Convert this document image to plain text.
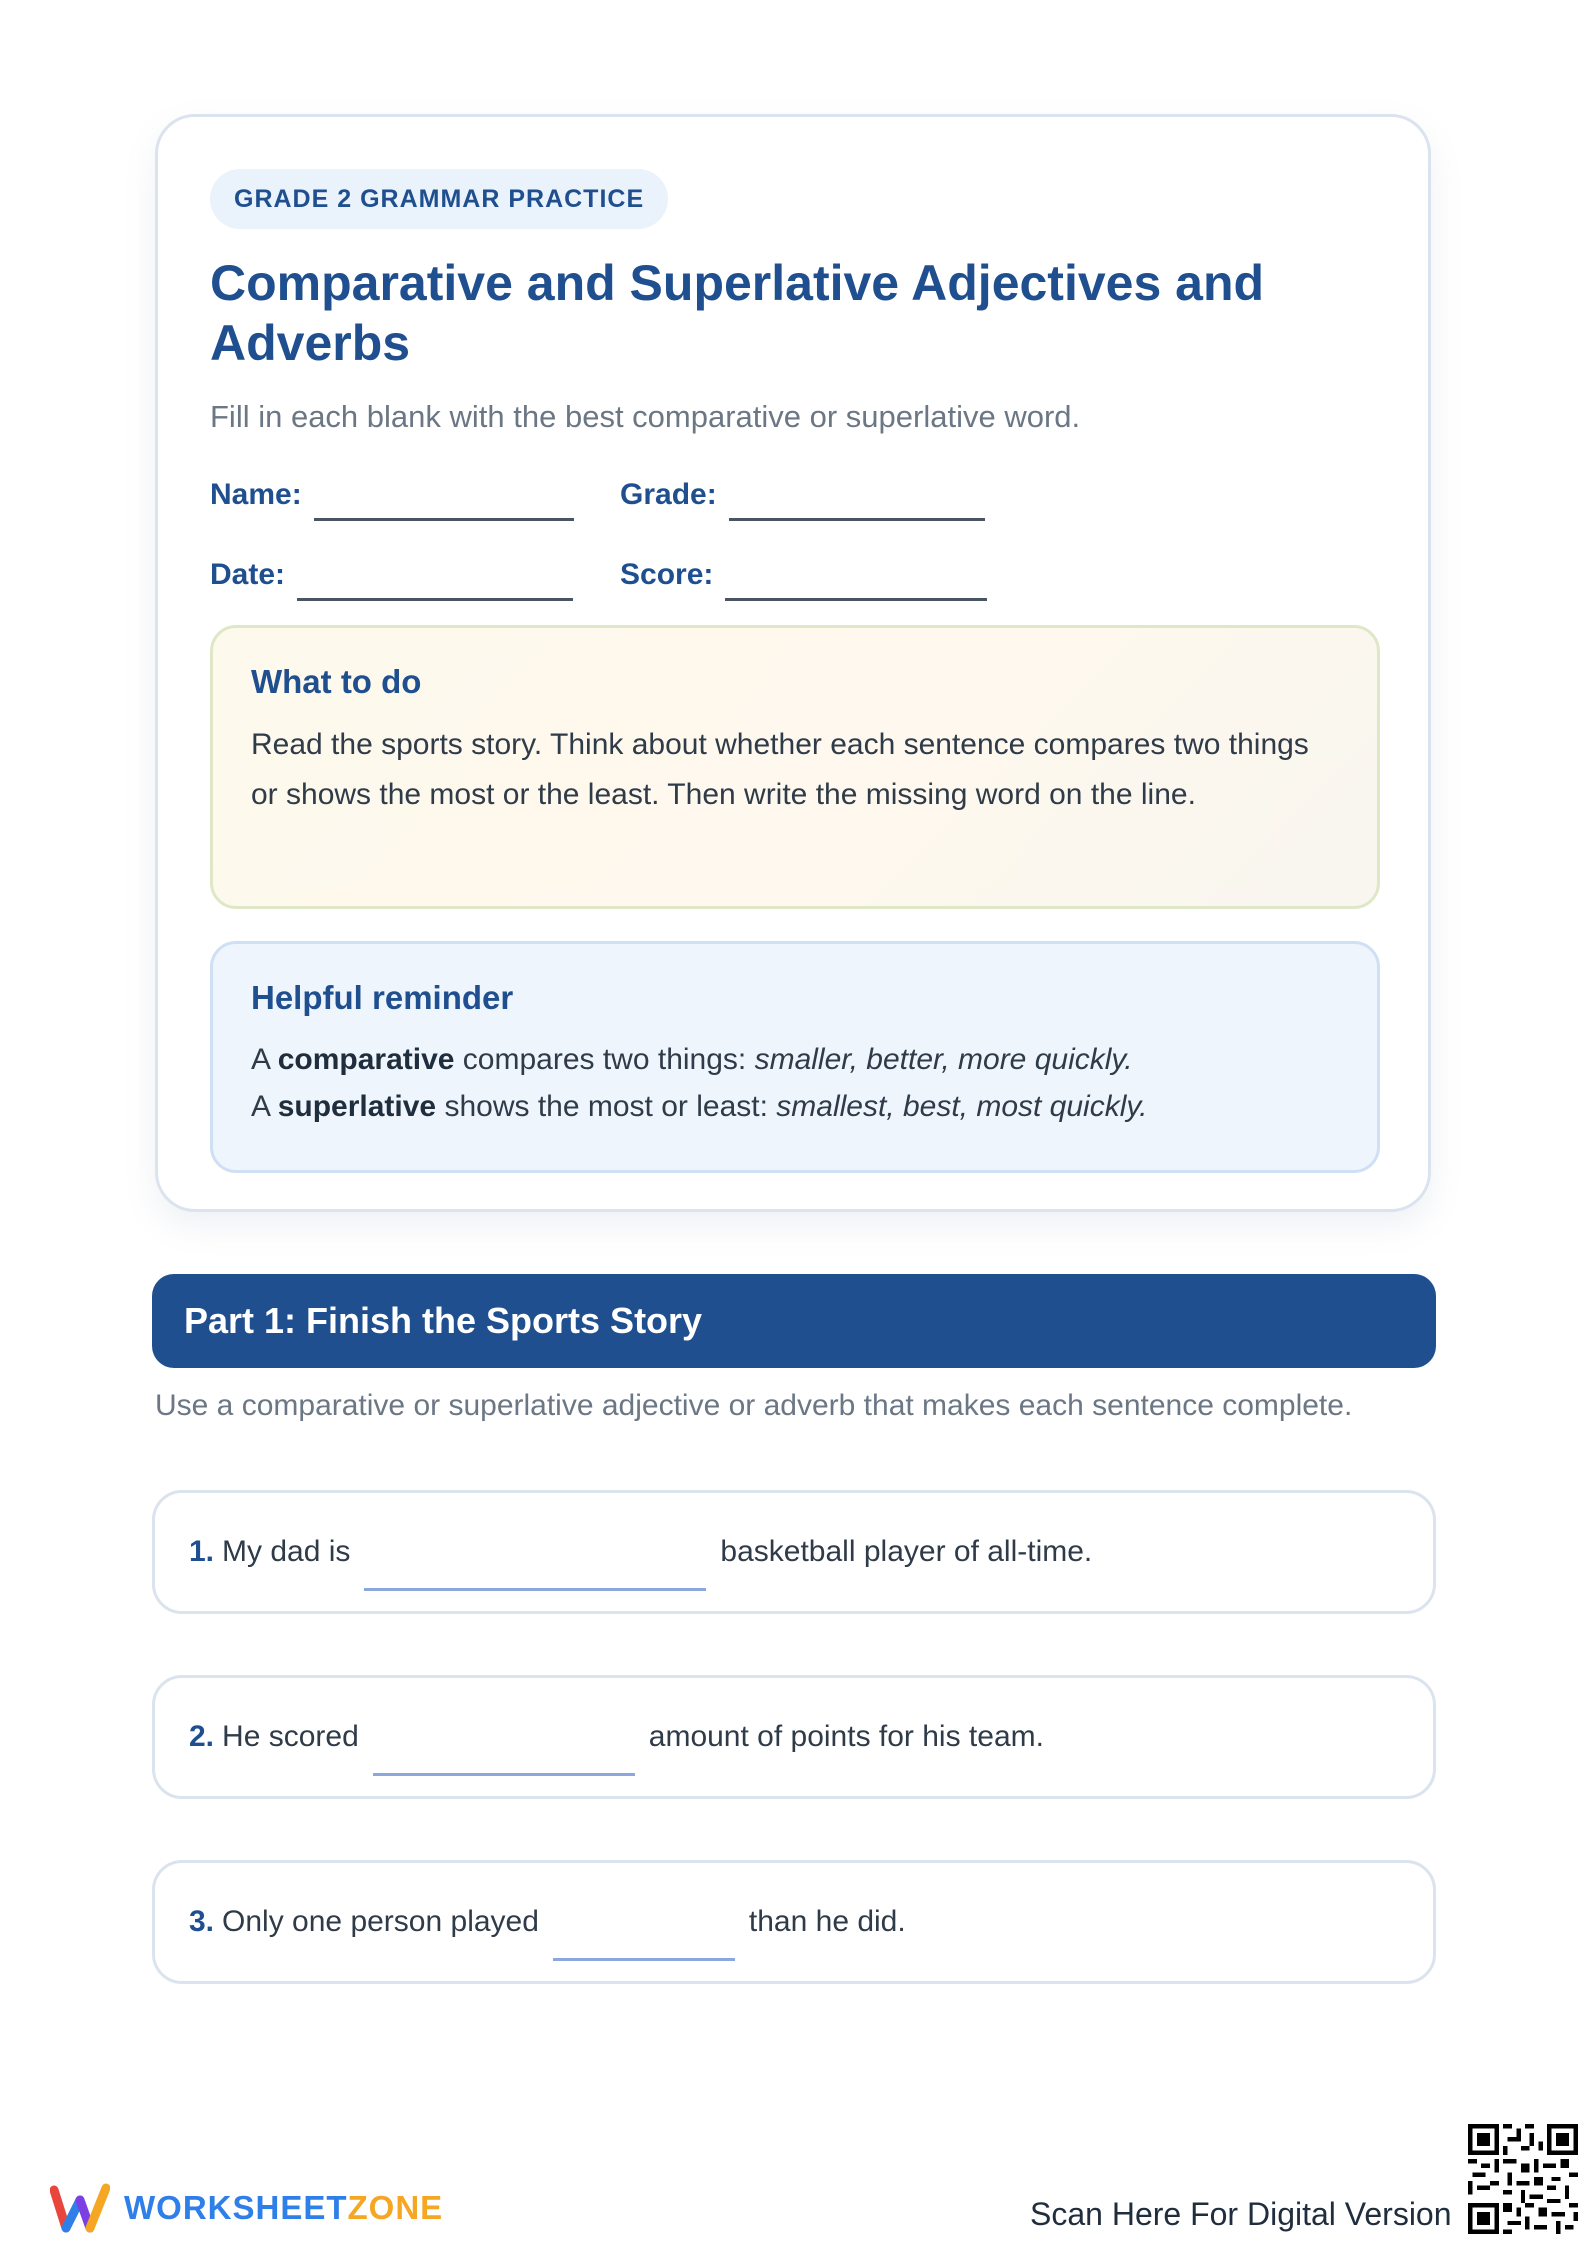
GRADE 2 GRAMMAR PRACTICE
Comparative and Superlative Adjectives and Adverbs

Fill in each blank with the best comparative or superlative word.

Name:	Grade:
Date:	Score:
What to do

Read the sports story. Think about whether each sentence compares two things or shows the most or the least. Then write the missing word on the line.

Helpful reminder
A comparative compares two things: smaller, better, more quickly.
A superlative shows the most or least: smallest, best, most quickly.
Part 1: Finish the Sports Story

Use a comparative or superlative adjective or adverb that makes each sentence complete.

1. My dad is	basketball player of all-time.
2. He scored	amount of points for his team.
3. Only one person played	than he did.
WORKSHEETZONE	Scan Here For Digital Version
